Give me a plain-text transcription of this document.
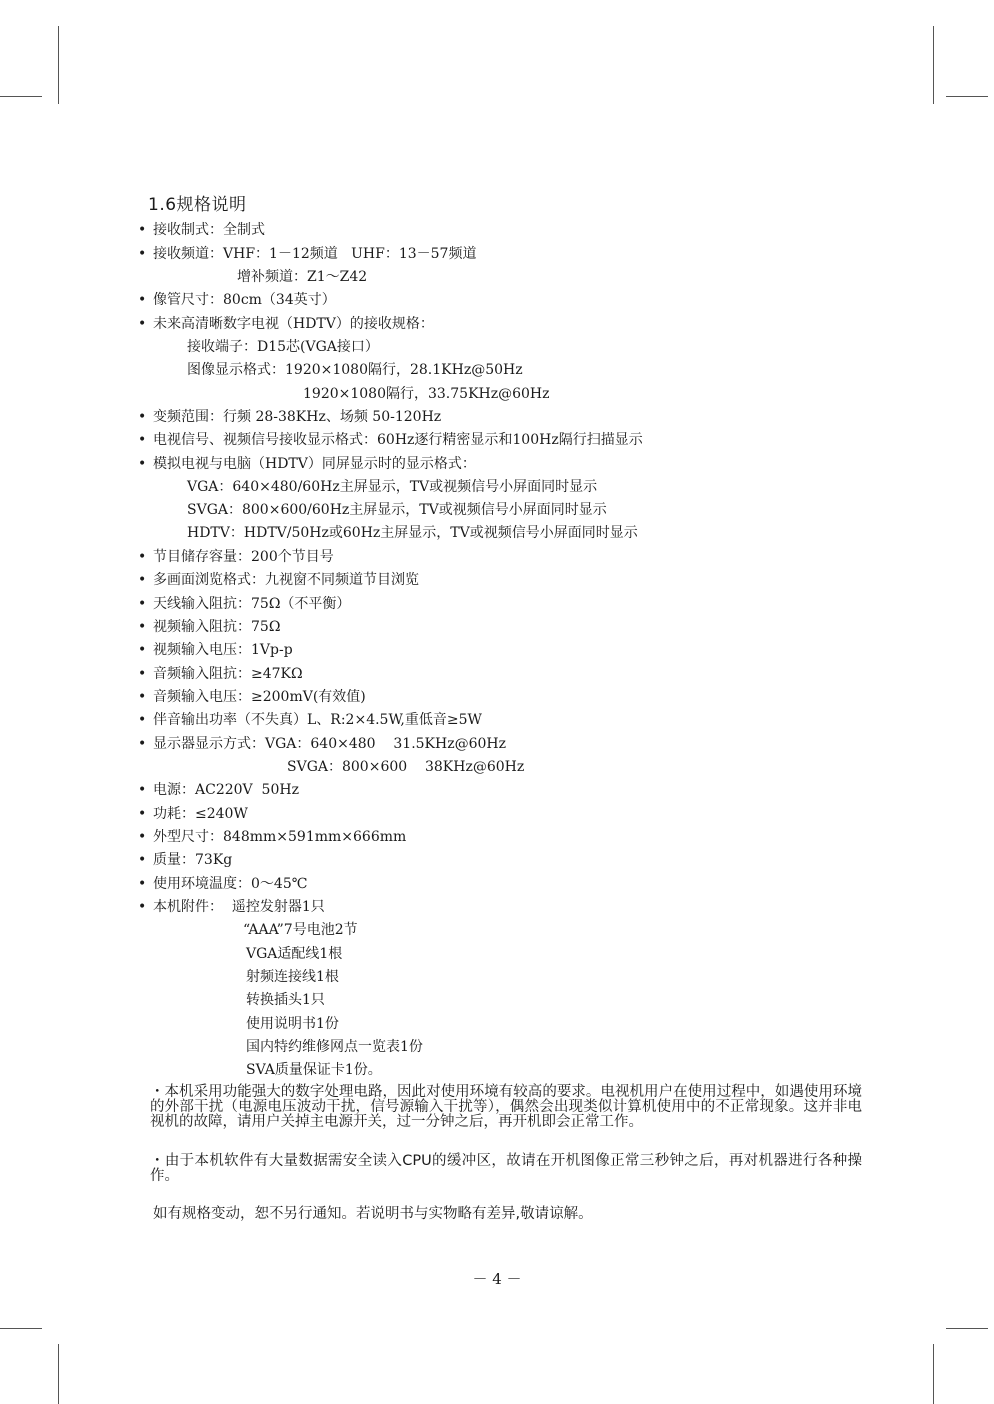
1.6规格说明
• 接收制式：全制式
• 接收频道：VHF：1－12频道   UHF：13－57频道
增补频道：Z1～Z42
• 像管尺寸：80cm（34英寸）
• 未来高清晰数字电视（HDTV）的接收规格：
接收端子：D15芯(VGA接口）
图像显示格式：1920×1080隔行，28.1KHz@50Hz
1920×1080隔行，33.75KHz@60Hz
• 变频范围：行频 28-38KHz、场频 50-120Hz
• 电视信号、视频信号接收显示格式：60Hz逐行精密显示和100Hz隔行扫描显示
• 模拟电视与电脑（HDTV）同屏显示时的显示格式：
VGA：640×480/60Hz主屏显示，TV或视频信号小屏面同时显示
SVGA：800×600/60Hz主屏显示，TV或视频信号小屏面同时显示
HDTV：HDTV/50Hz或60Hz主屏显示，TV或视频信号小屏面同时显示
• 节目储存容量：200个节目号
• 多画面浏览格式：九视窗不同频道节目浏览
• 天线输入阻抗：75Ω（不平衡）
• 视频输入阻抗：75Ω
• 视频输入电压：1Vp-p
• 音频输入阻抗：≥47KΩ
• 音频输入电压：≥200mV(有效值)
• 伴音输出功率（不失真）L、R:2×4.5W,重低音≥5W
• 显示器显示方式：VGA：640×480    31.5KHz@60Hz
SVGA：800×600    38KHz@60Hz
• 电源：AC220V  50Hz
• 功耗：≤240W
• 外型尺寸：848mm×591mm×666mm
• 质量：73Kg
• 使用环境温度：0～45℃
• 本机附件：  遥控发射器1只
“AAA”7号电池2节
VGA适配线1根
射频连接线1根
转换插头1只
使用说明书1份
国内特约维修网点一览表1份
SVA质量保证卡1份。
・本机采用功能强大的数字处理电路，因此对使用环境有较高的要求。电视机用户在使用过程中，如遇使用环境的外部干扰（电源电压波动干扰，信号源输入干扰等），偶然会出现类似计算机使用中的不正常现象。这并非电视机的故障，请用户关掉主电源开关，过一分钟之后，再开机即会正常工作。
・由于本机软件有大量数据需安全读入CPU的缓冲区，故请在开机图像正常三秒钟之后，再对机器进行各种操作。
如有规格变动，恕不另行通知。若说明书与实物略有差异,敬请谅解。
－ 4 －
